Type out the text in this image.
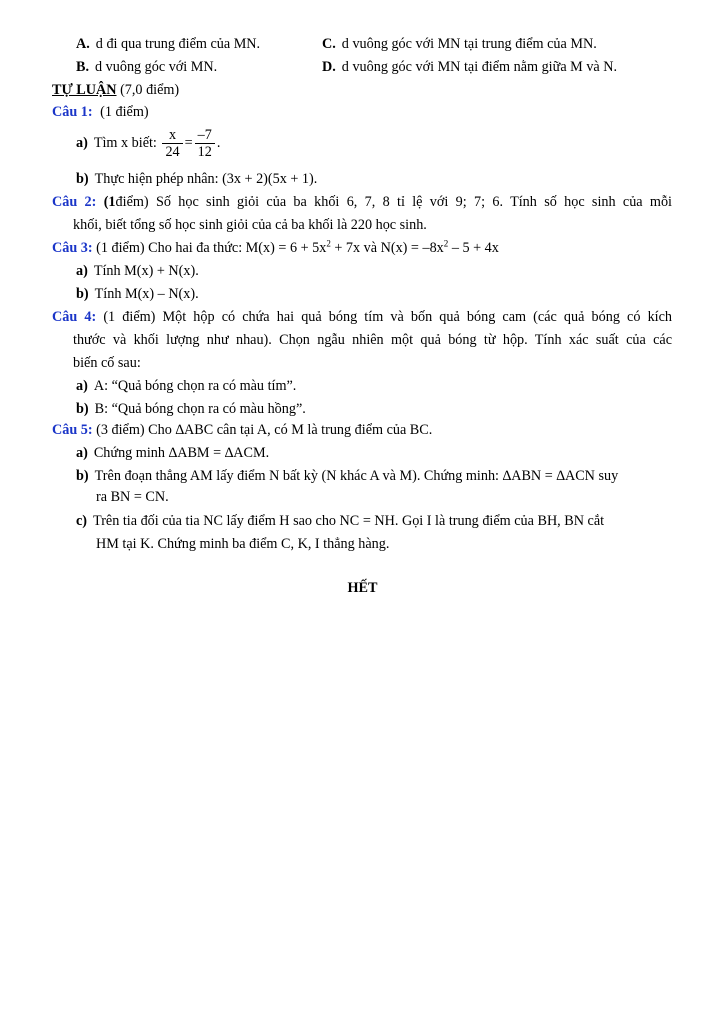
A. d đi qua trung điểm của MN.	C. d vuông góc với MN tại trung điểm của MN.
B. d vuông góc với MN.	D. d vuông góc với MN tại điểm nằm giữa M và N.
TỰ LUẬN (7,0 điểm)
Câu 1: (1 điểm)
a) Tìm x biết: $\frac{x}{24} = \frac{-7}{12}$ .
b) Thực hiện phép nhân: (3x + 2)(5x + 1).
Câu 2: (1điểm) Số học sinh giỏi của ba khối 6, 7, 8 tỉ lệ với 9; 7; 6. Tính số học sinh của mỗi
khối, biết tổng số học sinh giỏi của cả ba khối là 220 học sinh.
Câu 3: (1 điểm) Cho hai đa thức: $M(x) = 6 + 5x^2 + 7x$ và $N(x) = -8x^2 - 5 + 4x$
a) Tính M(x) + N(x).
b) Tính M(x) – N(x).
Câu 4: (1 điểm) Một hộp có chứa hai quả bóng tím và bốn quả bóng cam (các quả bóng có kích
thước và khối lượng như nhau). Chọn ngẫu nhiên một quả bóng từ hộp. Tính xác suất của các
biến cố sau:
a) A: “Quả bóng chọn ra có màu tím”.
b) B: “Quả bóng chọn ra có màu hồng”.
Câu 5: (3 điểm) Cho ∆ABC cân tại A, có M là trung điểm của BC.
a) Chứng minh ∆ABM = ∆ACM.
b) Trên đoạn thẳng AM lấy điểm N bất kỳ (N khác A và M). Chứng minh: ∆ABN = ∆ACN suy
ra BN = CN.
c) Trên tia đối của tia NC lấy điểm H sao cho NC = NH. Gọi I là trung điểm của BH, BN cắt
HM tại K. Chứng minh ba điểm C, K, I thẳng hàng.
HẾT
